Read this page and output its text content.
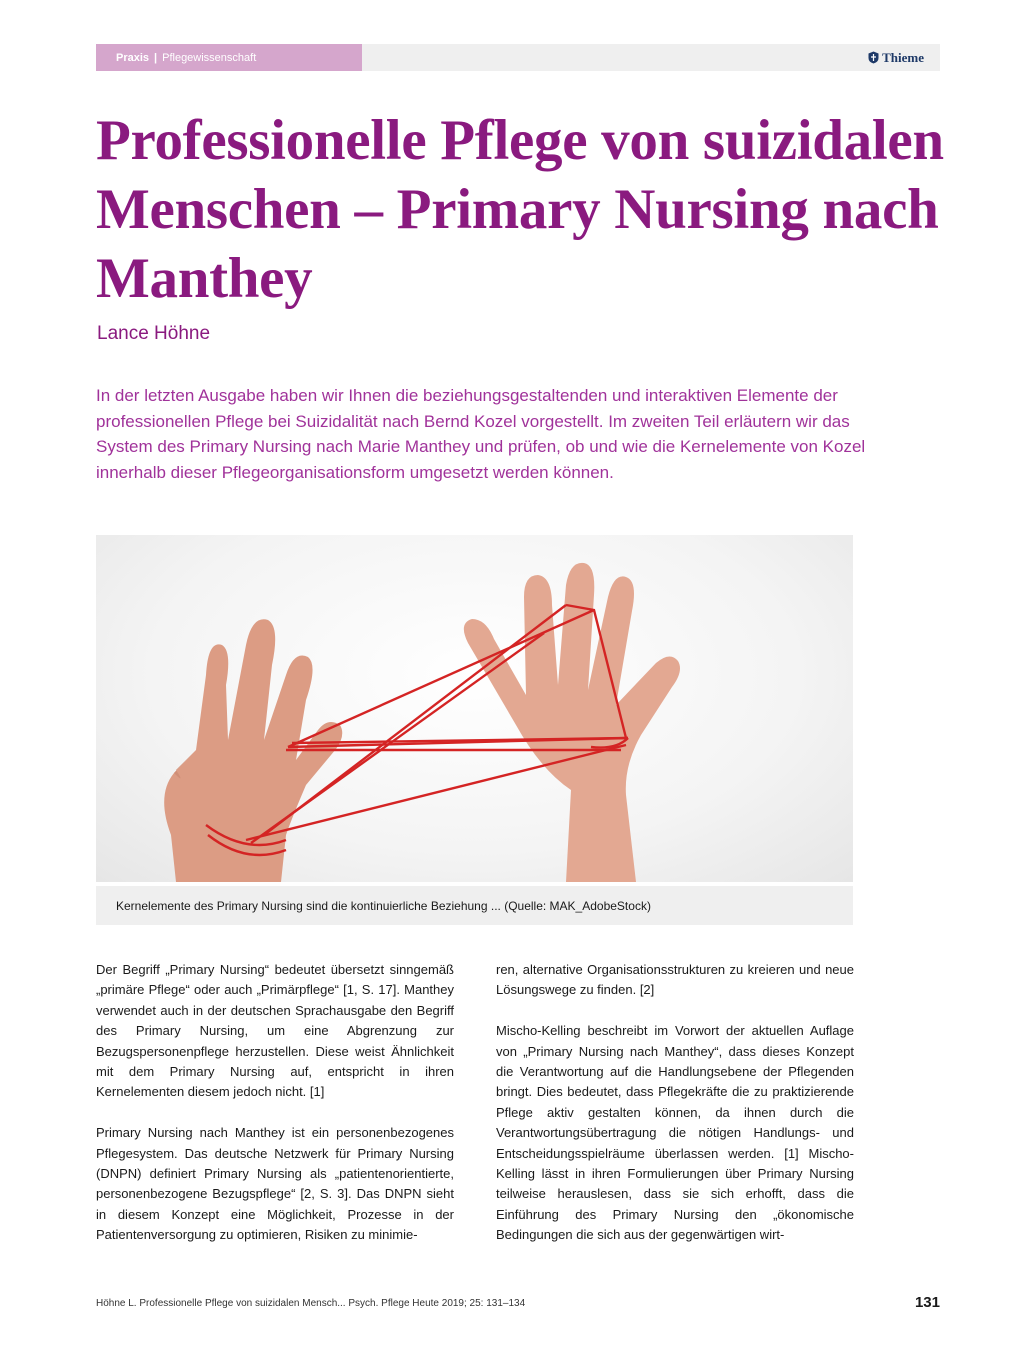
Praxis | Pflegewissenschaft	Thieme
Professionelle Pflege von suizidalen Menschen – Primary Nursing nach Manthey
Lance Höhne

In der letzten Ausgabe haben wir Ihnen die beziehungsgestaltenden und interaktiven Elemente der professionellen Pflege bei Suizidalität nach Bernd Kozel vorgestellt. Im zweiten Teil erläutern wir das System des Primary Nursing nach Marie Manthey und prüfen, ob und wie die Kernelemente von Kozel innerhalb dieser Pflegeorganisationsform umgesetzt werden können.

Kernelemente des Primary Nursing sind die kontinuierliche Beziehung ... (Quelle: MAK_AdobeStock)

Der Begriff „Primary Nursing“ bedeutet übersetzt sinngemäß „primäre Pflege“ oder auch „Primärpflege“ [1, S. 17]. Manthey verwendet auch in der deutschen Sprachausgabe den Begriff des Primary Nursing, um eine Abgrenzung zur Bezugspersonenpflege herzustellen. Diese weist Ähnlichkeit mit dem Primary Nursing auf, entspricht in ihren Kernelementen diesem jedoch nicht. [1]

Primary Nursing nach Manthey ist ein personenbezogenes Pflegesystem. Das deutsche Netzwerk für Primary Nursing (DNPN) definiert Primary Nursing als „patientenorientierte, personenbezogene Bezugspflege“ [2, S. 3]. Das DNPN sieht in diesem Konzept eine Möglichkeit, Prozesse in der Patientenversorgung zu optimieren, Risiken zu minimie-

ren, alternative Organisationsstrukturen zu kreieren und neue Lösungswege zu finden. [2]

Mischo-Kelling beschreibt im Vorwort der aktuellen Auflage von „Primary Nursing nach Manthey“, dass dieses Konzept die Verantwortung auf die Handlungsebene der Pflegenden bringt. Dies bedeutet, dass Pflegekräfte die zu praktizierende Pflege aktiv gestalten können, da ihnen durch die Verantwortungsübertragung die nötigen Handlungs- und Entscheidungsspielräume überlassen werden. [1] Mischo-Kelling lässt in ihren Formulierungen über Primary Nursing teilweise herauslesen, dass sie sich erhofft, dass die Einführung des Primary Nursing den „ökonomische Bedingungen die sich aus der gegenwärtigen wirt-

Höhne L. Professionelle Pflege von suizidalen Mensch... Psych. Pflege Heute 2019; 25: 131–134	131
